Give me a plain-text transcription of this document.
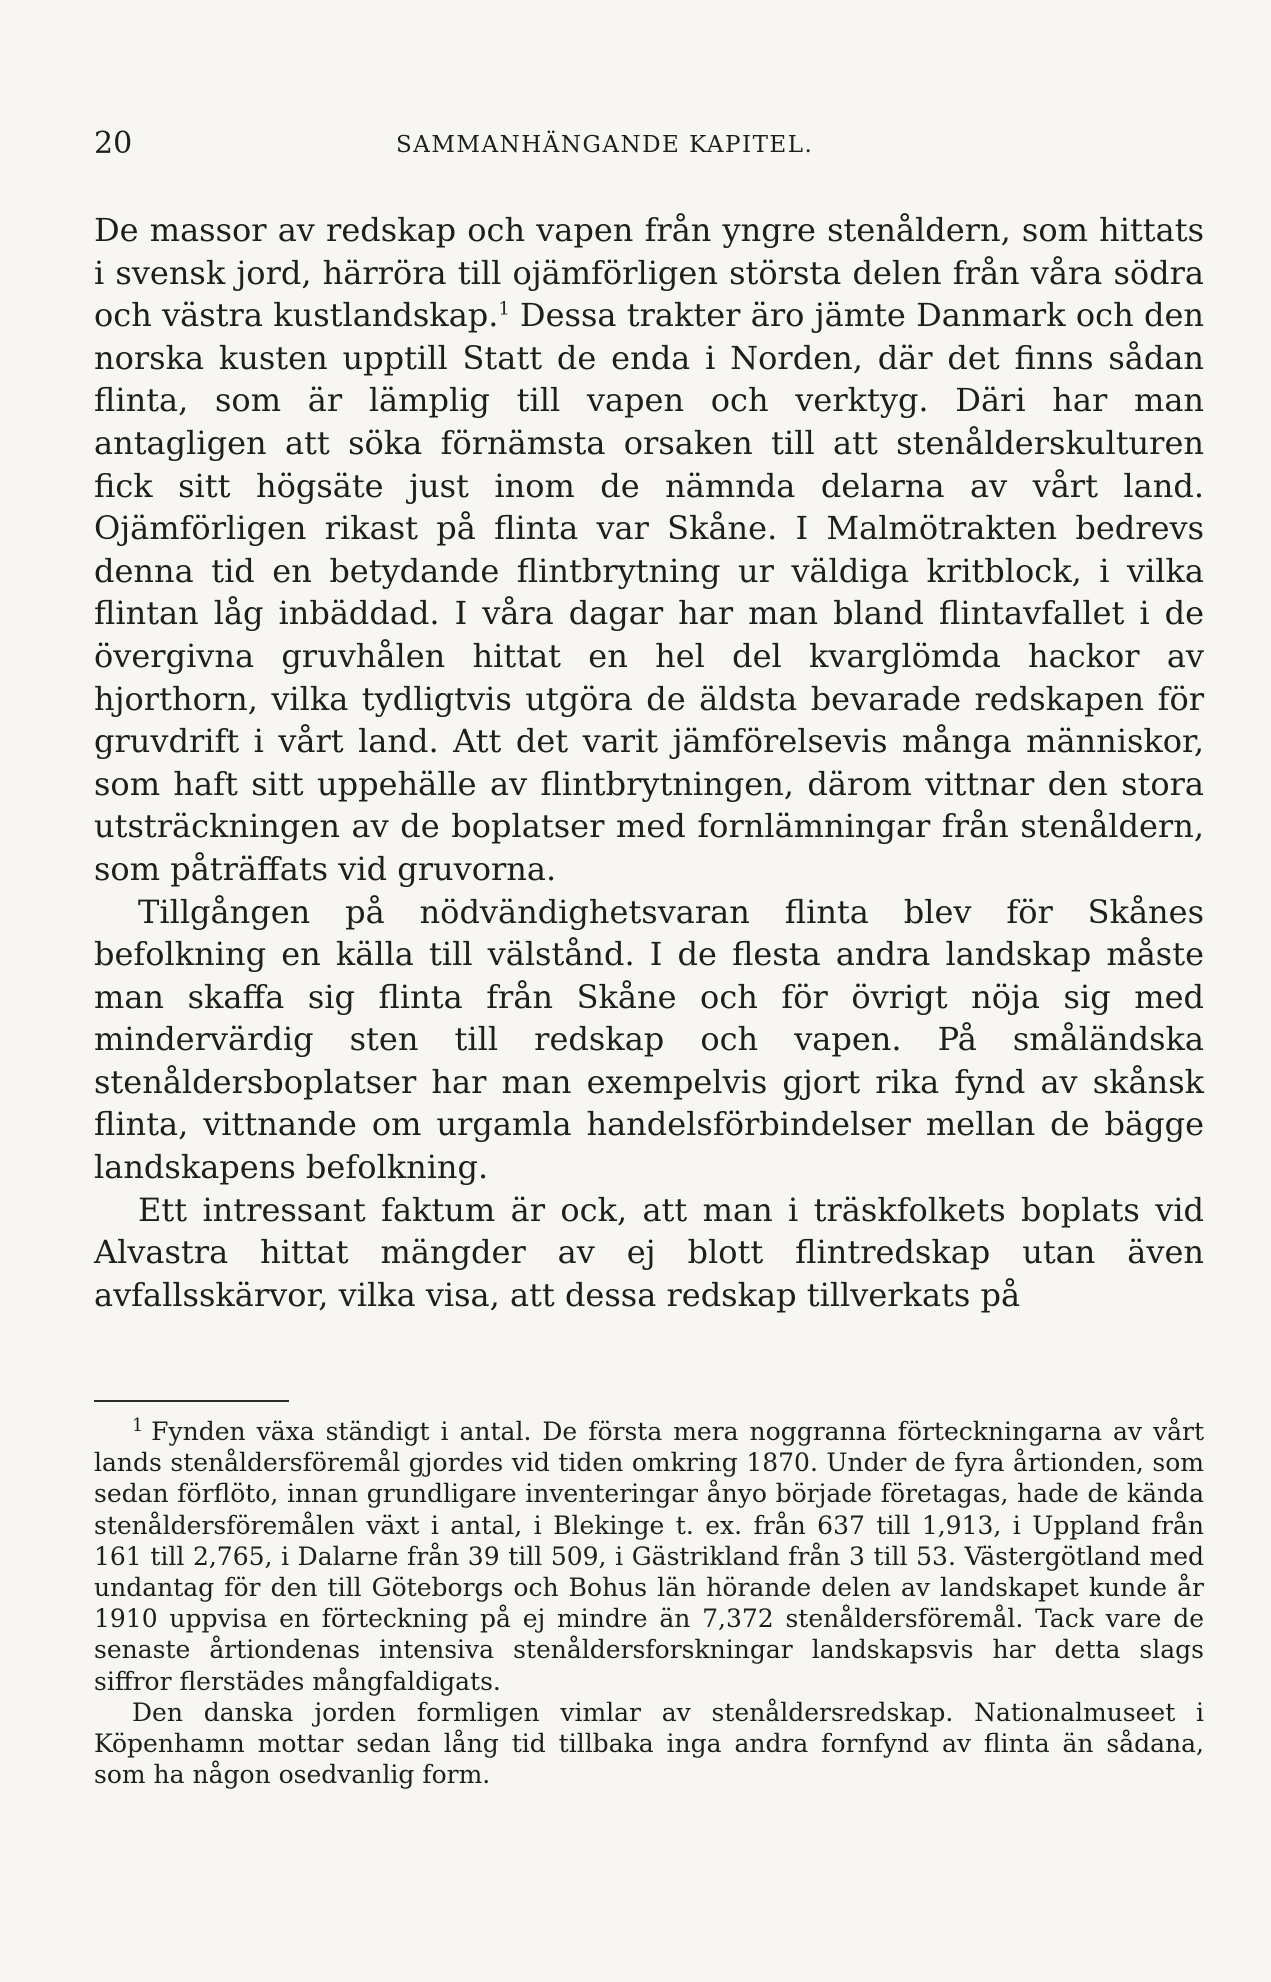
20	SAMMANHÄNGANDE KAPITEL.

De massor av redskap och vapen från yngre stenåldern, som hittats i svensk jord, härröra till ojämförligen största delen från våra södra och västra kustlandskap.$^1$ Dessa trakter äro jämte Danmark och den norska kusten upptill Statt de enda i Norden, där det finns sådan flinta, som är lämplig till vapen och verktyg. Däri har man antagligen att söka förnämsta orsaken till att stenålderskulturen fick sitt högsäte just inom de nämnda delarna av vårt land. Ojämförligen rikast på flinta var Skåne. I Malmötrakten bedrevs denna tid en betydande flintbrytning ur väldiga kritblock, i vilka flintan låg inbäddad. I våra dagar har man bland flintavfallet i de övergivna gruvhålen hittat en hel del kvarglömda hackor av hjorthorn, vilka tydligtvis utgöra de äldsta bevarade redskapen för gruvdrift i vårt land. Att det varit jämförelsevis många människor, som haft sitt uppehälle av flintbrytningen, därom vittnar den stora utsträckningen av de boplatser med fornlämningar från stenåldern, som påträffats vid gruvorna.

Tillgången på nödvändighetsvaran flinta blev för Skånes befolkning en källa till välstånd. I de flesta andra landskap måste man skaffa sig flinta från Skåne och för övrigt nöja sig med mindervärdig sten till redskap och vapen. På småländska stenåldersboplatser har man exempelvis gjort rika fynd av skånsk flinta, vittnande om urgamla handelsförbindelser mellan de bägge landskapens befolkning.

Ett intressant faktum är ock, att man i träskfolkets boplats vid Alvastra hittat mängder av ej blott flintredskap utan även avfallsskärvor, vilka visa, att dessa redskap tillverkats på

$^1$ Fynden växa ständigt i antal. De första mera noggranna förteckningarna av vårt lands stenåldersföremål gjordes vid tiden omkring 1870. Under de fyra årtionden, som sedan förflöto, innan grundligare inventeringar ånyo började företagas, hade de kända stenåldersföremålen växt i antal, i Blekinge t. ex. från 637 till 1,913, i Uppland från 161 till 2,765, i Dalarne från 39 till 509, i Gästrikland från 3 till 53. Västergötland med undantag för den till Göteborgs och Bohus län hörande delen av landskapet kunde år 1910 uppvisa en förteckning på ej mindre än 7,372 stenåldersföremål. Tack vare de senaste årtiondenas intensiva stenåldersforskningar landskapsvis har detta slags siffror flerstädes mångfaldigats.

Den danska jorden formligen vimlar av stenåldersredskap. Nationalmuseet i Köpenhamn mottar sedan lång tid tillbaka inga andra fornfynd av flinta än sådana, som ha någon osedvanlig form.
